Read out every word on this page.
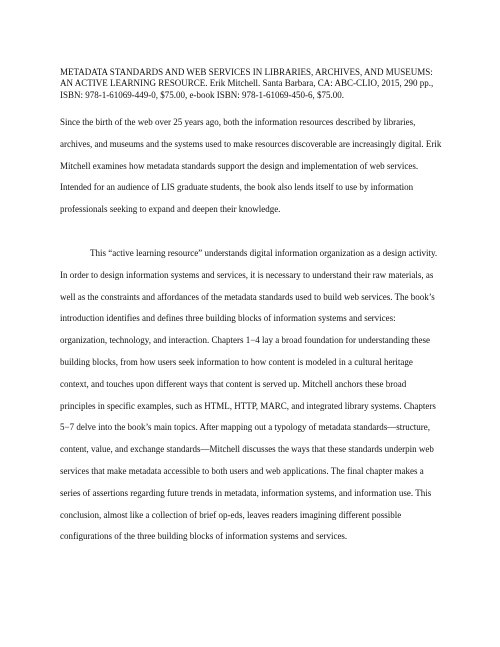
METADATA STANDARDS AND WEB SERVICES IN LIBRARIES, ARCHIVES, AND MUSEUMS: AN ACTIVE LEARNING RESOURCE. Erik Mitchell. Santa Barbara, CA: ABC-CLIO, 2015, 290 pp., ISBN: 978-1-61069-449-0, $75.00, e-book ISBN: 978-1-61069-450-6, $75.00.

Since the birth of the web over 25 years ago, both the information resources described by libraries, archives, and museums and the systems used to make resources discoverable are increasingly digital. Erik Mitchell examines how metadata standards support the design and implementation of web services. Intended for an audience of LIS graduate students, the book also lends itself to use by information professionals seeking to expand and deepen their knowledge.

This “active learning resource” understands digital information organization as a design activity. In order to design information systems and services, it is necessary to understand their raw materials, as well as the constraints and affordances of the metadata standards used to build web services. The book’s introduction identifies and defines three building blocks of information systems and services: organization, technology, and interaction. Chapters 1−4 lay a broad foundation for understanding these building blocks, from how users seek information to how content is modeled in a cultural heritage context, and touches upon different ways that content is served up. Mitchell anchors these broad principles in specific examples, such as HTML, HTTP, MARC, and integrated library systems. Chapters 5−7 delve into the book’s main topics. After mapping out a typology of metadata standards—structure, content, value, and exchange standards—Mitchell discusses the ways that these standards underpin web services that make metadata accessible to both users and web applications. The final chapter makes a series of assertions regarding future trends in metadata, information systems, and information use. This conclusion, almost like a collection of brief op-eds, leaves readers imagining different possible configurations of the three building blocks of information systems and services.
